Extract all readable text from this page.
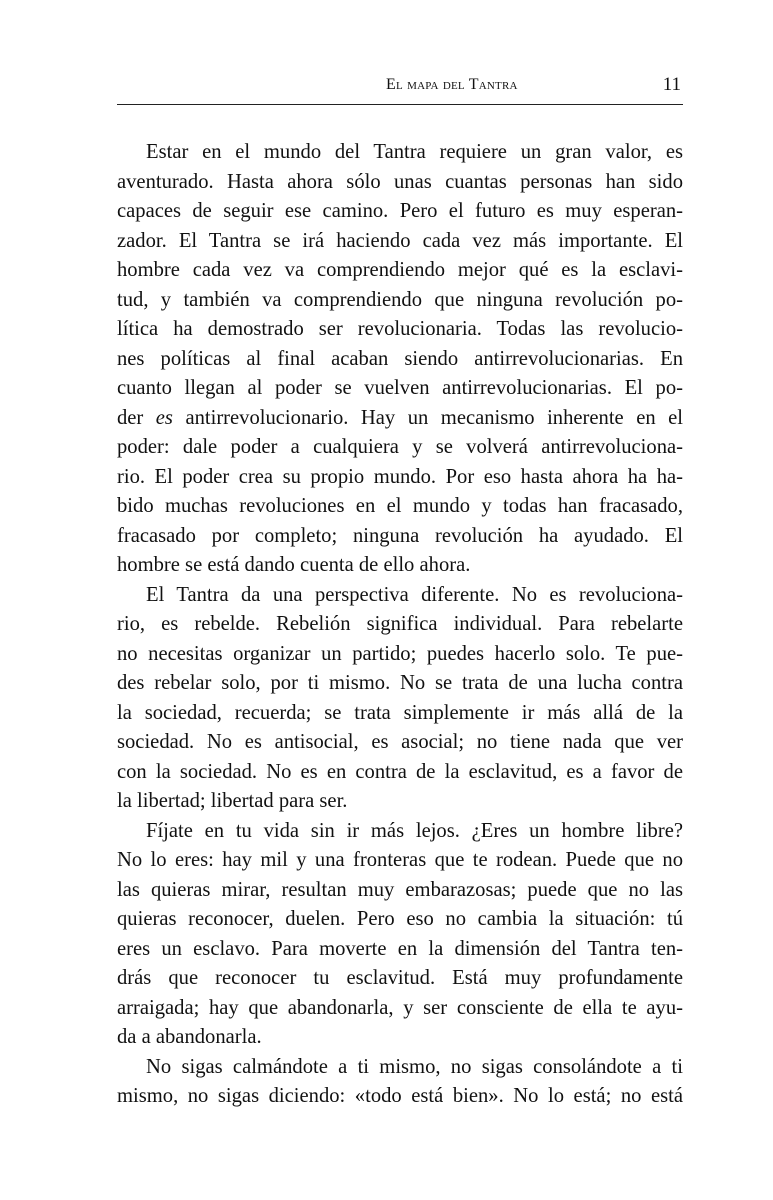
El mapa del Tantra	11
Estar en el mundo del Tantra requiere un gran valor, es
aventurado. Hasta ahora sólo unas cuantas personas han sido
capaces de seguir ese camino. Pero el futuro es muy esperan-
zador. El Tantra se irá haciendo cada vez más importante. El
hombre cada vez va comprendiendo mejor qué es la esclavi-
tud, y también va comprendiendo que ninguna revolución po-
lítica ha demostrado ser revolucionaria. Todas las revolucio-
nes políticas al final acaban siendo antirrevolucionarias. En
cuanto llegan al poder se vuelven antirrevolucionarias. El po-
der es antirrevolucionario. Hay un mecanismo inherente en el
poder: dale poder a cualquiera y se volverá antirrevoluciona-
rio. El poder crea su propio mundo. Por eso hasta ahora ha ha-
bido muchas revoluciones en el mundo y todas han fracasado,
fracasado por completo; ninguna revolución ha ayudado. El
hombre se está dando cuenta de ello ahora.
El Tantra da una perspectiva diferente. No es revoluciona-
rio, es rebelde. Rebelión significa individual. Para rebelarte
no necesitas organizar un partido; puedes hacerlo solo. Te pue-
des rebelar solo, por ti mismo. No se trata de una lucha contra
la sociedad, recuerda; se trata simplemente ir más allá de la
sociedad. No es antisocial, es asocial; no tiene nada que ver
con la sociedad. No es en contra de la esclavitud, es a favor de
la libertad; libertad para ser.
Fíjate en tu vida sin ir más lejos. ¿Eres un hombre libre?
No lo eres: hay mil y una fronteras que te rodean. Puede que no
las quieras mirar, resultan muy embarazosas; puede que no las
quieras reconocer, duelen. Pero eso no cambia la situación: tú
eres un esclavo. Para moverte en la dimensión del Tantra ten-
drás que reconocer tu esclavitud. Está muy profundamente
arraigada; hay que abandonarla, y ser consciente de ella te ayu-
da a abandonarla.
No sigas calmándote a ti mismo, no sigas consolándote a ti
mismo, no sigas diciendo: «todo está bien». No lo está; no está
